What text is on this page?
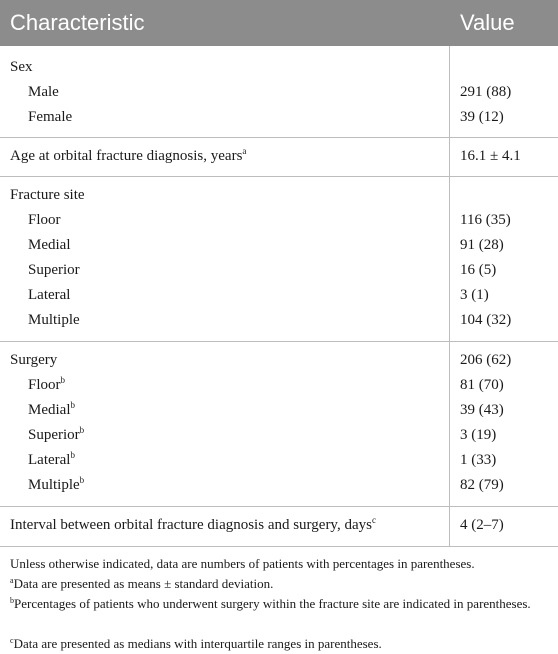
Characteristic	Value
Sex
Male	291 (88)
Female	39 (12)
Age at orbital fracture diagnosis, years$^a$	16.1 ± 4.1
Fracture site
Floor	116 (35)
Medial	91 (28)
Superior	16 (5)
Lateral	3 (1)
Multiple	104 (32)
Surgery	206 (62)
Floor$^b$	81 (70)
Medial$^b$	39 (43)
Superior$^b$	3 (19)
Lateral$^b$	1 (33)
Multiple$^b$	82 (79)
Interval between orbital fracture diagnosis and surgery, days$^c$	4 (2–7)
Unless otherwise indicated, data are numbers of patients with percentages in parentheses.
$^a$Data are presented as means ± standard deviation.
$^b$Percentages of patients who underwent surgery within the fracture site are indicated in parentheses.
$^c$Data are presented as medians with interquartile ranges in parentheses.
